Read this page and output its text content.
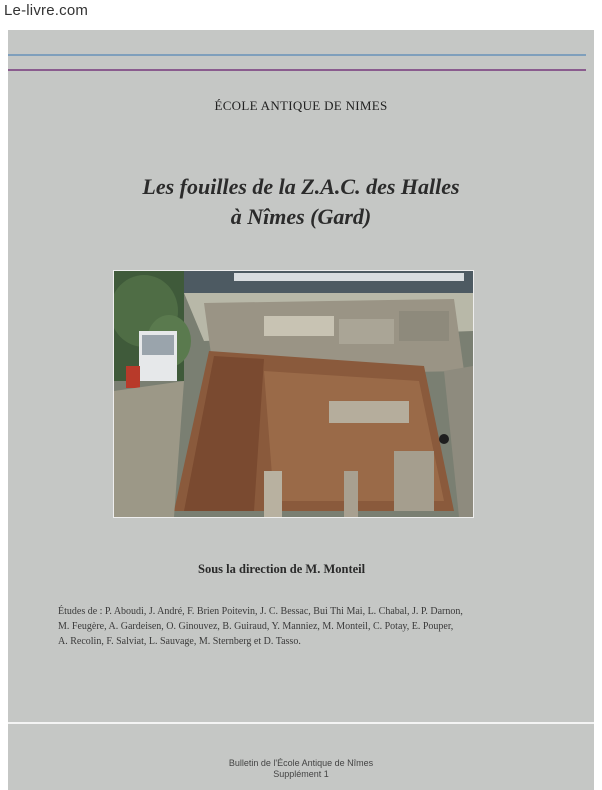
Le-livre.com
ÉCOLE ANTIQUE DE NIMES
Les fouilles de la Z.A.C. des Halles
à Nîmes (Gard)
Sous la direction de M. Monteil
Études de : P. Aboudi, J. André, F. Brien Poitevin, J. C. Bessac, Bui Thi Mai, L. Chabal, J. P. Darnon,
M. Feugère, A. Gardeisen, O. Ginouvez, B. Guiraud, Y. Manniez, M. Monteil, C. Potay, E. Pouper,
A. Recolin, F. Salviat, L. Sauvage, M. Sternberg et D. Tasso.
Bulletin de l'École Antique de Nîmes
Supplément 1
